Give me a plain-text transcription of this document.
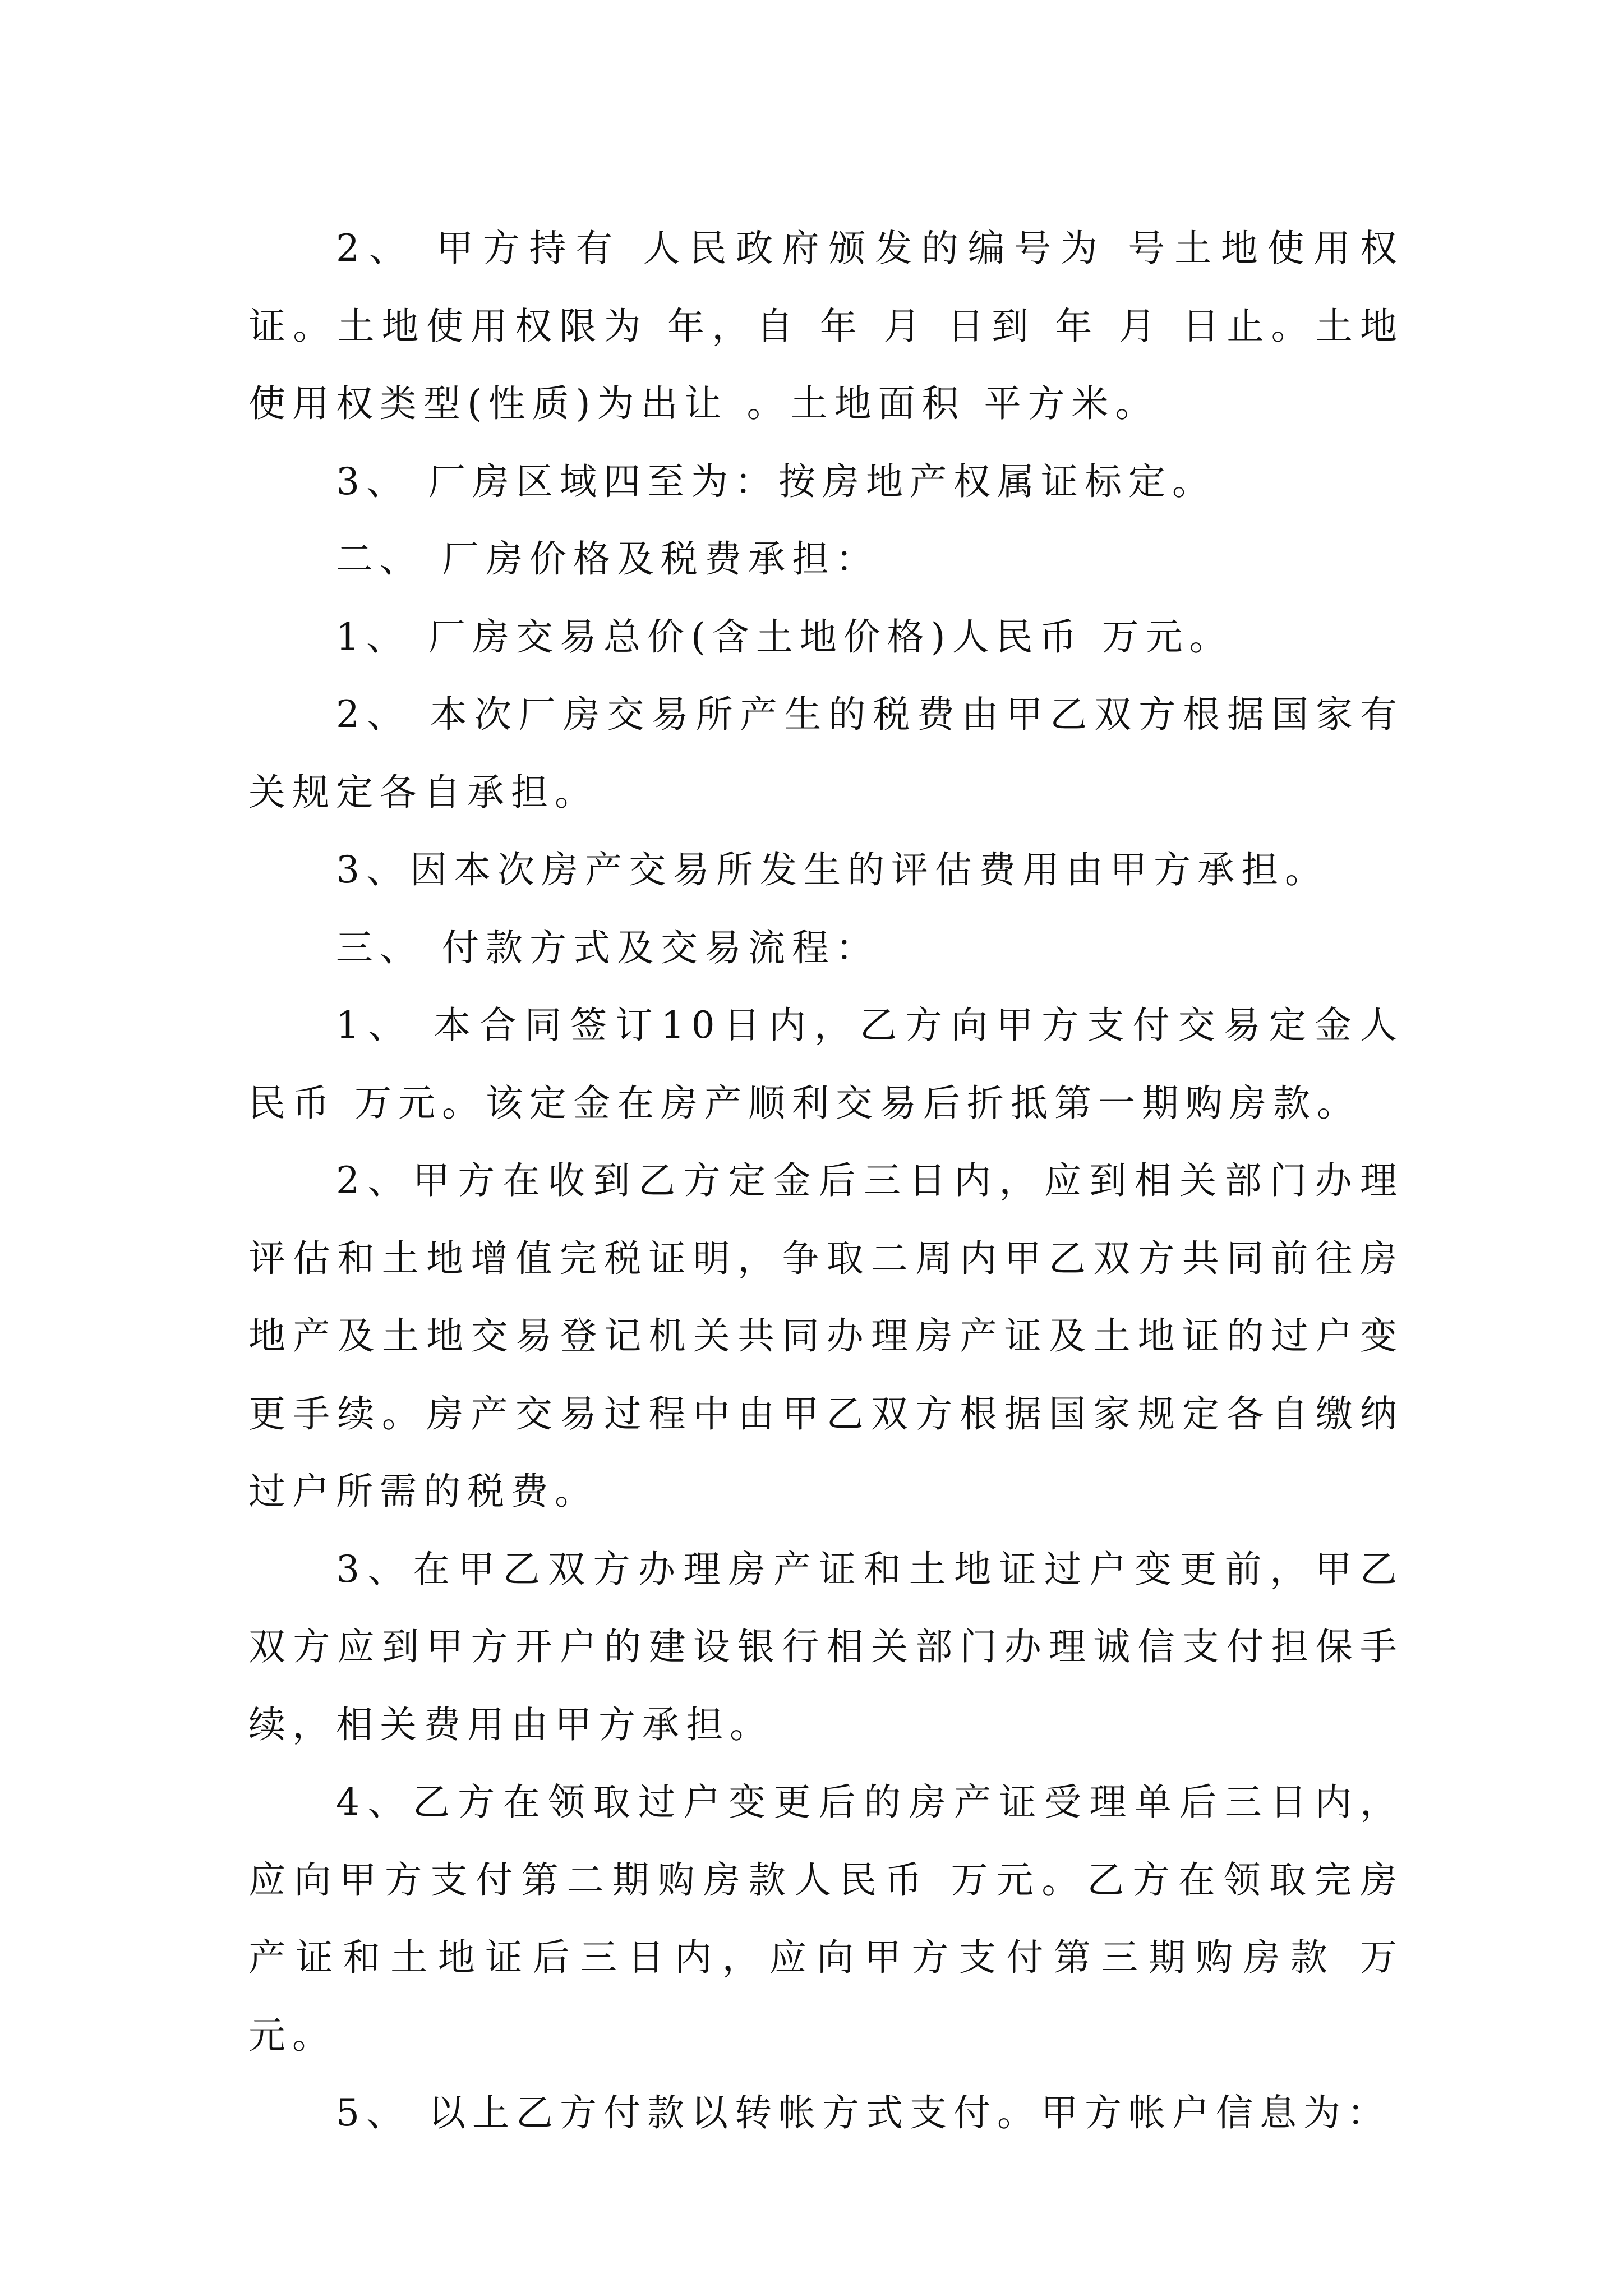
2、 甲方持有 人民政府颁发的编号为 号土地使用权证。土地使用权限为 年，自 年 月 日到 年 月 日止。土地使用权类型(性质)为出让 。土地面积 平方米。

3、 厂房区域四至为：按房地产权属证标定。

二、 厂房价格及税费承担：

1、 厂房交易总价(含土地价格)人民币 万元。

2、 本次厂房交易所产生的税费由甲乙双方根据国家有关规定各自承担。

3、因本次房产交易所发生的评估费用由甲方承担。

三、 付款方式及交易流程：

1、 本合同签订10日内，乙方向甲方支付交易定金人民币 万元。该定金在房产顺利交易后折抵第一期购房款。

2、甲方在收到乙方定金后三日内，应到相关部门办理评估和土地增值完税证明，争取二周内甲乙双方共同前往房地产及土地交易登记机关共同办理房产证及土地证的过户变更手续。房产交易过程中由甲乙双方根据国家规定各自缴纳过户所需的税费。

3、在甲乙双方办理房产证和土地证过户变更前，甲乙双方应到甲方开户的建设银行相关部门办理诚信支付担保手续，相关费用由甲方承担。

4、乙方在领取过户变更后的房产证受理单后三日内，应向甲方支付第二期购房款人民币 万元。乙方在领取完房产证和土地证后三日内，应向甲方支付第三期购房款 万元。

5、 以上乙方付款以转帐方式支付。甲方帐户信息为：
